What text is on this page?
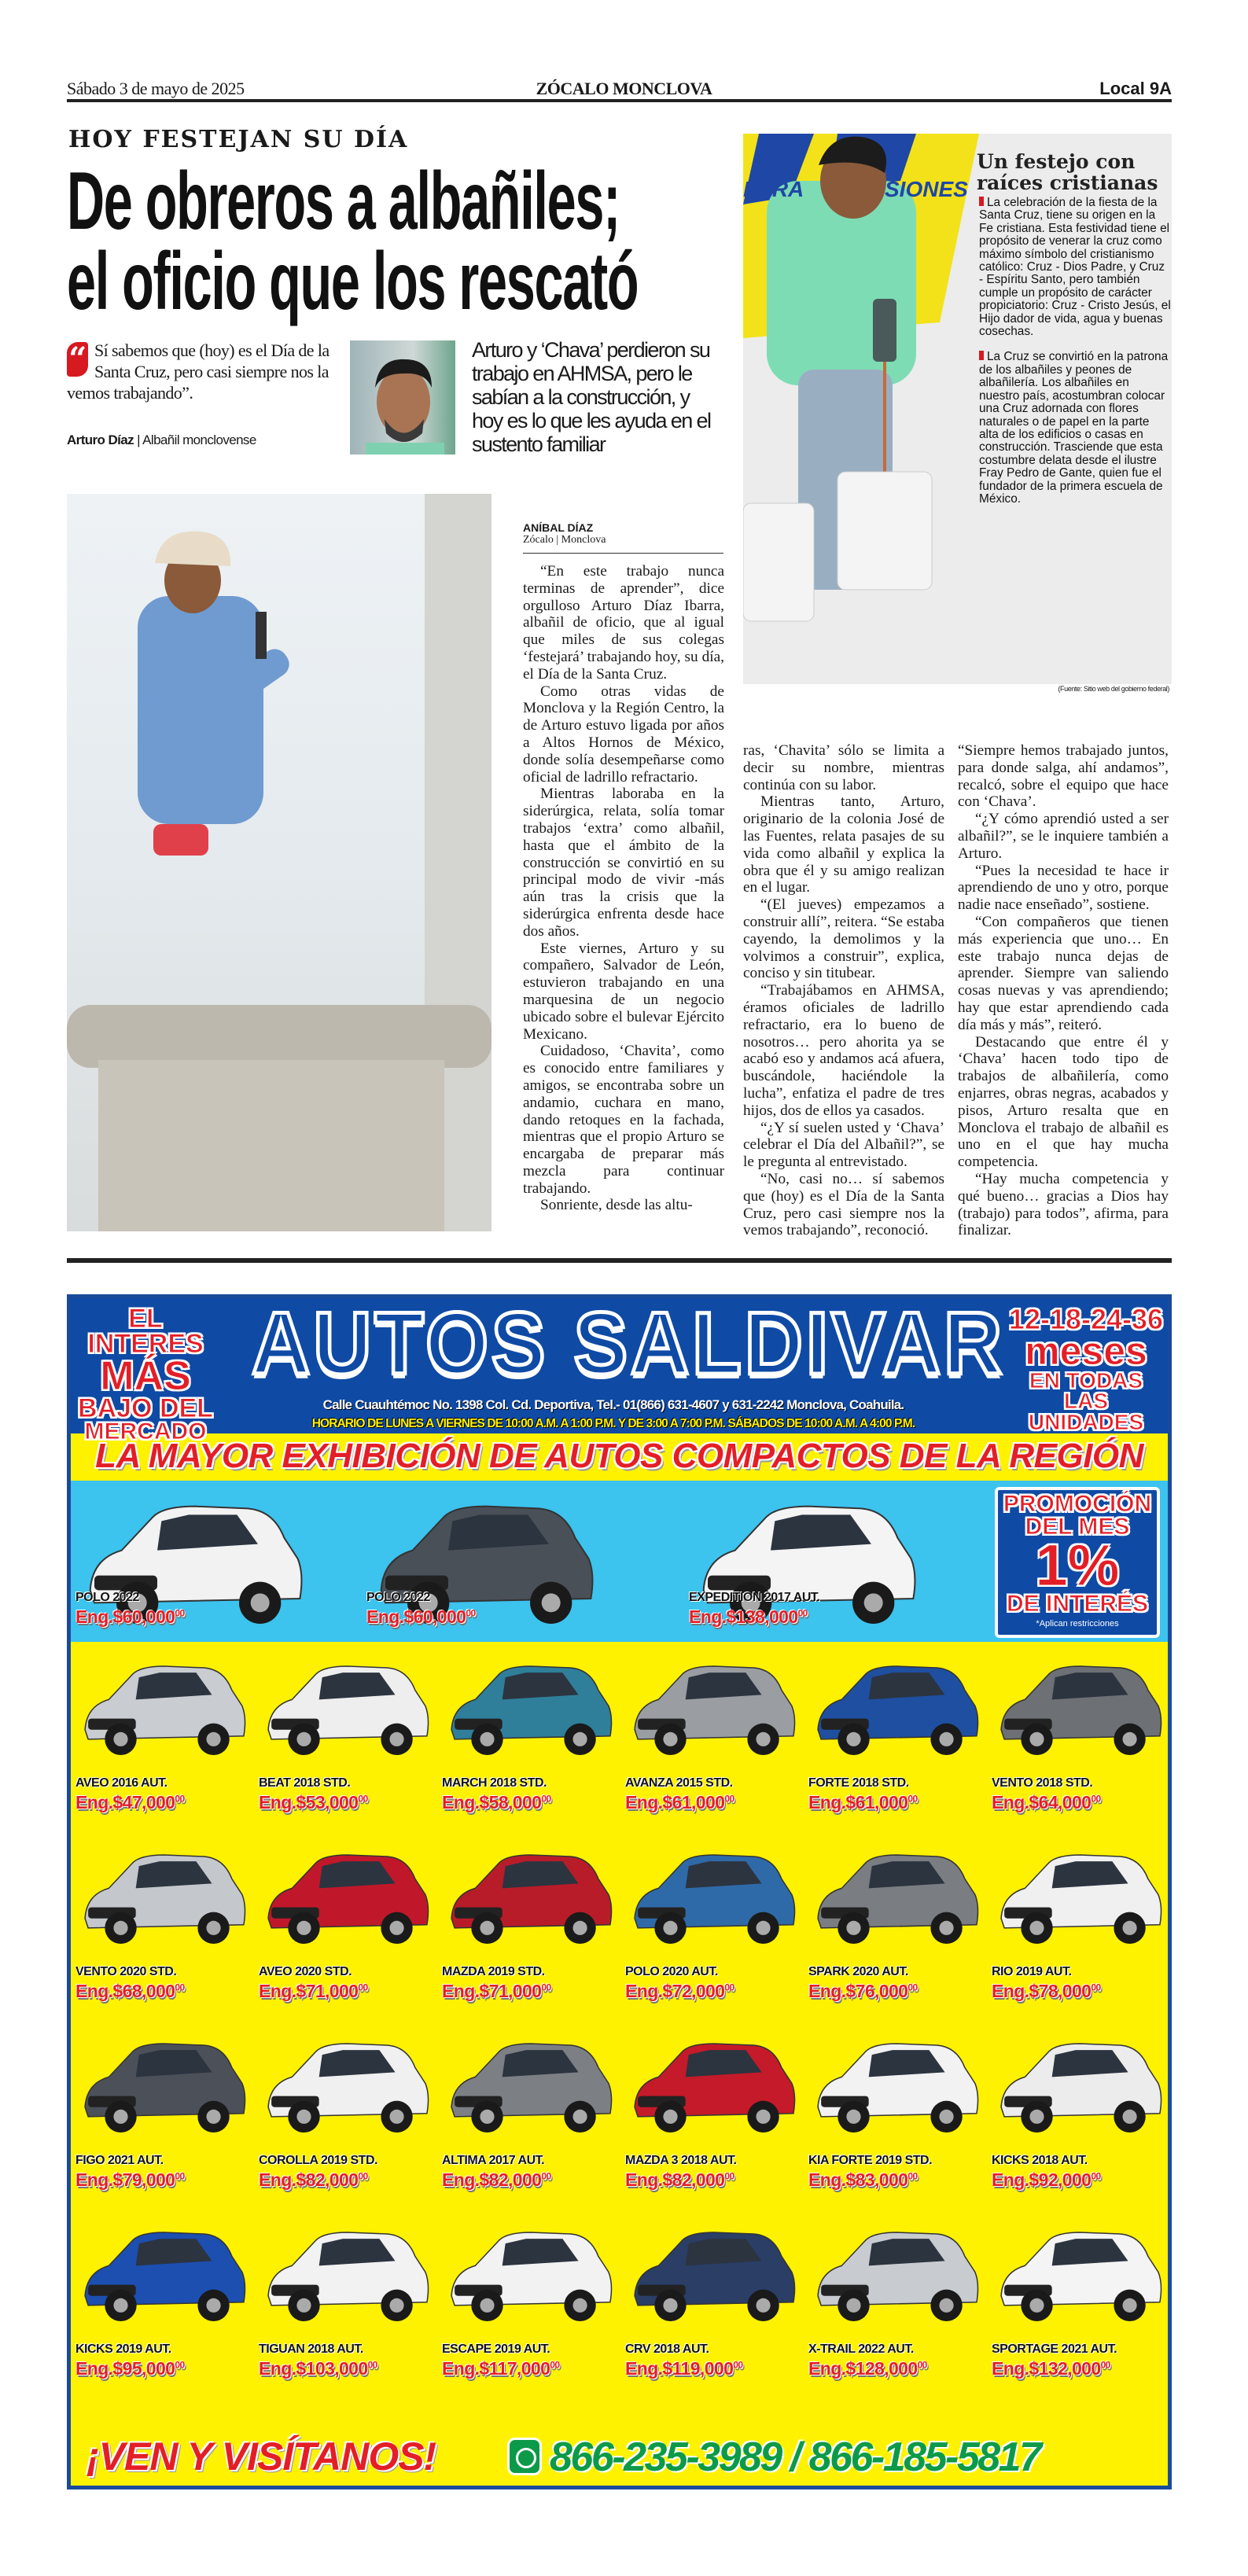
Sábado 3 de mayo de 2025	ZÓCALO MONCLOVA	Local 9A
HOY FESTEJAN SU DÍA
De obreros a albañiles;
el oficio que los rescató
“ Sí sabemos que (hoy) es el Día de la Santa Cruz, pero casi siempre nos la vemos trabajando”.
Arturo Díaz | Albañil monclovense
Arturo y ‘Chava’ perdieron su trabajo en AHMSA, pero le sabían a la construcción, y hoy es lo que les ayuda en el sustento familiar
ANÍBAL DÍAZ
Zócalo | Monclova

“En este trabajo nunca terminas de aprender”, dice orgulloso Arturo Díaz Ibarra, albañil de oficio, que al igual que miles de sus colegas ‘festejará’ trabajando hoy, su día, el Día de la Santa Cruz.

Como otras vidas de Monclova y la Región Centro, la de Arturo estuvo ligada por años a Altos Hornos de México, donde solía desempeñarse como oficial de ladrillo refractario.

Mientras laboraba en la siderúrgica, relata, solía tomar trabajos ‘extra’ como albañil, hasta que el ámbito de la construcción se convirtió en su principal modo de vivir -más aún tras la crisis que la siderúrgica enfrenta desde hace dos años.

Este viernes, Arturo y su compañero, Salvador de León, estuvieron trabajando en una marquesina de un negocio ubicado sobre el bulevar Ejército Mexicano.

Cuidadoso, ‘Chavita’, como es conocido entre familiares y amigos, se encontraba sobre un andamio, cuchara en mano, dando retoques en la fachada, mientras que el propio Arturo se encargaba de preparar más mezcla para continuar trabajando.

Sonriente, desde las altu-

ras, ‘Chavita’ sólo se limita a decir su nombre, mientras continúa con su labor.

Mientras tanto, Arturo, originario de la colonia José de las Fuentes, relata pasajes de su vida como albañil y explica la obra que él y su amigo realizan en el lugar.

“(El jueves) empezamos a construir allí”, reitera. “Se estaba cayendo, la demolimos y la volvimos a construir”, explica, conciso y sin titubear.

“Trabajábamos en AHMSA, éramos oficiales de ladrillo refractario, era lo bueno de nosotros… pero ahorita ya se acabó eso y andamos acá afuera, buscándole, haciéndole la lucha”, enfatiza el padre de tres hijos, dos de ellos ya casados.

“¿Y sí suelen usted y ‘Chava’ celebrar el Día del Albañil?”, se le pregunta al entrevistado.

“No, casi no… sí sabemos que (hoy) es el Día de la Santa Cruz, pero casi siempre nos la vemos trabajando”, reconoció.

“Siempre hemos trabajado juntos, para donde salga, ahí andamos”, recalcó, sobre el equipo que hace con ‘Chava’.

“¿Y cómo aprendió usted a ser albañil?”, se le inquiere también a Arturo.

“Pues la necesidad te hace ir aprendiendo de uno y otro, porque nadie nace enseñado”, sostiene.

“Con compañeros que tienen más experiencia que uno… En este trabajo nunca dejas de aprender. Siempre van saliendo cosas nuevas y vas aprendiendo; hay que estar aprendiendo cada día más y más”, reiteró.

Destacando que entre él y ‘Chava’ hacen todo tipo de trabajos de albañilería, como enjarres, obras negras, acabados y pisos, Arturo resalta que en Monclova el trabajo de albañil es uno en el que hay mucha competencia.

“Hay mucha competencia y qué bueno… gracias a Dios hay (trabajo) para todos”, afirma, para finalizar.

PARA	SIONES
Un festejo con
raíces cristianas

La celebración de la fiesta de la Santa Cruz, tiene su origen en la Fe cristiana. Esta festividad tiene el propósito de venerar la cruz como máximo símbolo del cristianismo católico: Cruz - Dios Padre, y Cruz - Espíritu Santo, pero también cumple un propósito de carácter propiciatorio: Cruz - Cristo Jesús, el Hijo dador de vida, agua y buenas cosechas.

La Cruz se convirtió en la patrona de los albañiles y peones de albañilería. Los albañiles en nuestro país, acostumbran colocar una Cruz adornada con flores naturales o de papel en la parte alta de los edificios o casas en construcción. Trasciende que esta costumbre delata desde el ilustre Fray Pedro de Gante, quien fue el fundador de la primera escuela de México.

(Fuente: Sitio web del gobierno federal)
EL INTERES
MÁS
BAJO DEL
MERCADO
Calle Cuauhtémoc No. 1398 Col. Cd. Deportiva, Tel.- 01(866) 631-4607 y 631-2242 Monclova, Coahuila.
HORARIO DE LUNES A VIERNES DE 10:00 A.M. A 1:00 P.M. Y DE 3:00 A 7:00 P.M. SÁBADOS DE 10:00 A.M. A 4:00 P.M.
12-18-24-36
meses
EN TODAS
LAS UNIDADES
AUTOS SALDIVAR
LA MAYOR EXHIBICIÓN DE AUTOS COMPACTOS DE LA REGIÓN
PROMOCIÓN
DEL MES
1%
DE INTERÉS
*Aplican restricciones
POLO 2022
Eng.$60,000$^{00}$
POLO 2022
Eng.$60,000$^{00}$
EXPEDITION 2017 AUT.
Eng.$138,000$^{00}$
AVEO 2016 AUT.
Eng.$47,000$^{00}$
BEAT 2018 STD.
Eng.$53,000$^{00}$
MARCH 2018 STD.
Eng.$58,000$^{00}$
AVANZA 2015 STD.
Eng.$61,000$^{00}$
FORTE 2018 STD.
Eng.$61,000$^{00}$
VENTO 2018 STD.
Eng.$64,000$^{00}$
VENTO 2020 STD.
Eng.$68,000$^{00}$
AVEO 2020 STD.
Eng.$71,000$^{00}$
MAZDA 2019 STD.
Eng.$71,000$^{00}$
POLO 2020 AUT.
Eng.$72,000$^{00}$
SPARK 2020 AUT.
Eng.$76,000$^{00}$
RIO 2019 AUT.
Eng.$78,000$^{00}$
FIGO 2021 AUT.
Eng.$79,000$^{00}$
COROLLA 2019 STD.
Eng.$82,000$^{00}$
ALTIMA 2017 AUT.
Eng.$82,000$^{00}$
MAZDA 3 2018 AUT.
Eng.$82,000$^{00}$
KIA FORTE 2019 STD.
Eng.$83,000$^{00}$
KICKS 2018 AUT.
Eng.$92,000$^{00}$
KICKS 2019 AUT.
Eng.$95,000$^{00}$
TIGUAN 2018 AUT.
Eng.$103,000$^{00}$
ESCAPE 2019 AUT.
Eng.$117,000$^{00}$
CRV 2018 AUT.
Eng.$119,000$^{00}$
X-TRAIL 2022 AUT.
Eng.$128,000$^{00}$
SPORTAGE 2021 AUT.
Eng.$132,000$^{00}$
¡VEN Y VISÍTANOS!	866-235-3989 / 866-185-5817
